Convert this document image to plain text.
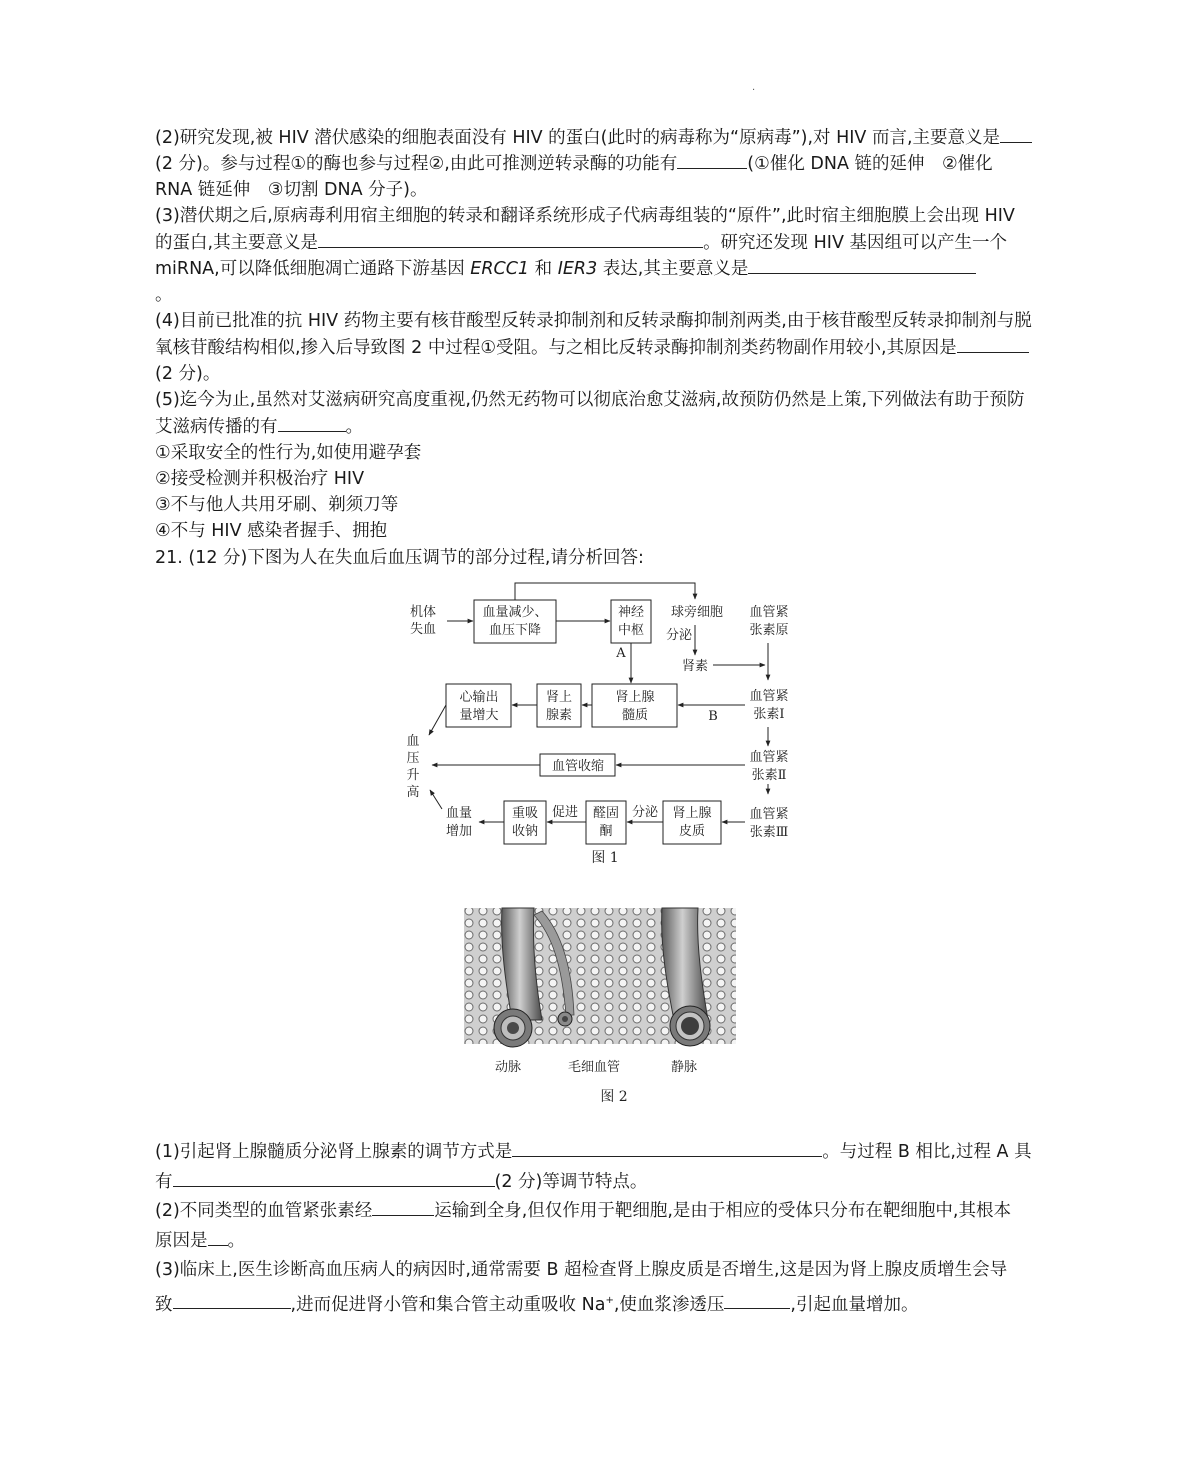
.
(2)研究发现,被 HIV 潜伏感染的细胞表面没有 HIV 的蛋白(此时的病毒称为“原病毒”),对 HIV 而言,主要意义是
(2 分)。参与过程①的酶也参与过程②,由此可推测逆转录酶的功能有	(①催化 DNA 链的延伸　②催化
RNA 链延伸　③切割 DNA 分子)。
(3)潜伏期之后,原病毒利用宿主细胞的转录和翻译系统形成子代病毒组装的“原件”,此时宿主细胞膜上会出现 HIV
的蛋白,其主要意义是	。研究还发现 HIV 基因组可以产生一个
miRNA,可以降低细胞凋亡通路下游基因 ERCC1 和 IER3 表达,其主要意义是
。
(4)目前已批准的抗 HIV 药物主要有核苷酸型反转录抑制剂和反转录酶抑制剂两类,由于核苷酸型反转录抑制剂与脱
氧核苷酸结构相似,掺入后导致图 2 中过程①受阻。与之相比反转录酶抑制剂类药物副作用较小,其原因是
(2 分)。
(5)迄今为止,虽然对艾滋病研究高度重视,仍然无药物可以彻底治愈艾滋病,故预防仍然是上策,下列做法有助于预防
艾滋病传播的有	。
①采取安全的性行为,如使用避孕套
②接受检测并积极治疗 HIV
③不与他人共用牙刷、剃须刀等
④不与 HIV 感染者握手、拥抱
21. (12 分)下图为人在失血后血压调节的部分过程,请分析回答:
机体
失血
血量减少、
血压下降
神经
中枢
球旁细胞
分泌
肾素
血管紧
张素原
A
B
血管紧
张素Ⅰ
血管紧
张素Ⅱ
血管紧
张素Ⅲ
肾上腺
髓质
肾上
腺素
心输出
量增大
血管收缩
血
压
升
高
肾上腺
皮质
分泌
醛固
酮
促进
重吸
收钠
血量
增加
图 1
动脉	毛细血管	静脉
图 2
(1)引起肾上腺髓质分泌肾上腺素的调节方式是	。与过程 B 相比,过程 A 具
有	(2 分)等调节特点。
(2)不同类型的血管紧张素经	运输到全身,但仅作用于靶细胞,是由于相应的受体只分布在靶细胞中,其根本
原因是 。
(3)临床上,医生诊断高血压病人的病因时,通常需要 B 超检查肾上腺皮质是否增生,这是因为肾上腺皮质增生会导
致	,进而促进肾小管和集合管主动重吸收 Na+,使血浆渗透压	,引起血量增加。
